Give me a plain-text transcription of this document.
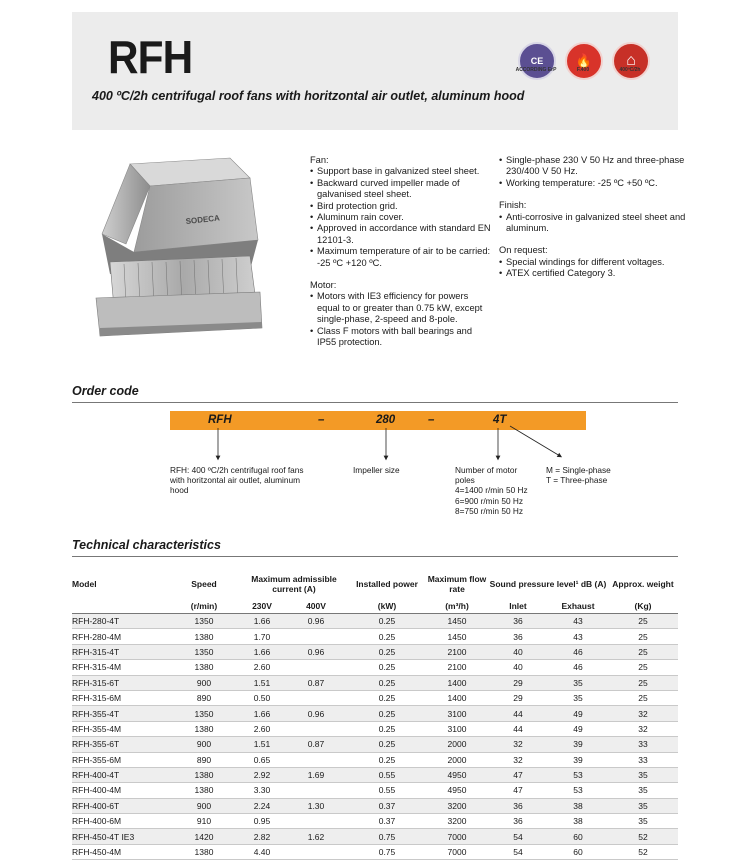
RFH
400 ºC/2h centrifugal roof fans with horitzontal air outlet, aluminum hood
CE
ACCORDING ErP
🔥
F.400
⌂
400ºC/2h
SODECA

Fan:

• Support base in galvanized steel sheet.

• Backward curved impeller made of galvanised steel sheet.

• Bird protection grid.

• Aluminum rain cover.

• Approved in accordance with standard EN 12101-3.

• Maximum temperature of air to be carried: -25 ºC +120 ºC.

Motor:

• Motors with IE3 efficiency for powers equal to or greater than 0.75 kW, except single-phase, 2-speed and 8-pole.

• Class F motors with ball bearings and IP55 protection.

• Single-phase 230 V 50 Hz and three-phase 230/400 V 50 Hz.

• Working temperature: -25 ºC +50 ºC.

Finish:

• Anti-corrosive in galvanized steel sheet and aluminum.

On request:

• Special windings for different voltages.

• ATEX certified Category 3.

Order code
RFH	–	280	–	4T
RFH: 400 ºC/2h centrifugal roof fans with horitzontal air outlet, aluminum hood
Impeller size	Number of motor poles
4=1400 r/min 50 Hz
6=900 r/min 50 Hz
8=750 r/min 50 Hz
M = Single-phase
T = Three-phase
Technical characteristics
Model	Speed	Maximum admissible current (A)		Installed power	Maximum flow rate	Sound pressure level¹ dB (A)		Approx. weight
	(r/min)	230V	400V	(kW)	(m³/h)	Inlet	Exhaust	(Kg)
RFH-280-4T	1350	1.66	0.96	0.25	1450	36	43	25
RFH-280-4M	1380	1.70		0.25	1450	36	43	25
RFH-315-4T	1350	1.66	0.96	0.25	2100	40	46	25
RFH-315-4M	1380	2.60		0.25	2100	40	46	25
RFH-315-6T	900	1.51	0.87	0.25	1400	29	35	25
RFH-315-6M	890	0.50		0.25	1400	29	35	25
RFH-355-4T	1350	1.66	0.96	0.25	3100	44	49	32
RFH-355-4M	1380	2.60		0.25	3100	44	49	32
RFH-355-6T	900	1.51	0.87	0.25	2000	32	39	33
RFH-355-6M	890	0.65		0.25	2000	32	39	33
RFH-400-4T	1380	2.92	1.69	0.55	4950	47	53	35
RFH-400-4M	1380	3.30		0.55	4950	47	53	35
RFH-400-6T	900	2.24	1.30	0.37	3200	36	38	35
RFH-400-6M	910	0.95		0.37	3200	36	38	35
RFH-450-4T IE3	1420	2.82	1.62	0.75	7000	54	60	52
RFH-450-4M	1380	4.40		0.75	7000	54	60	52
